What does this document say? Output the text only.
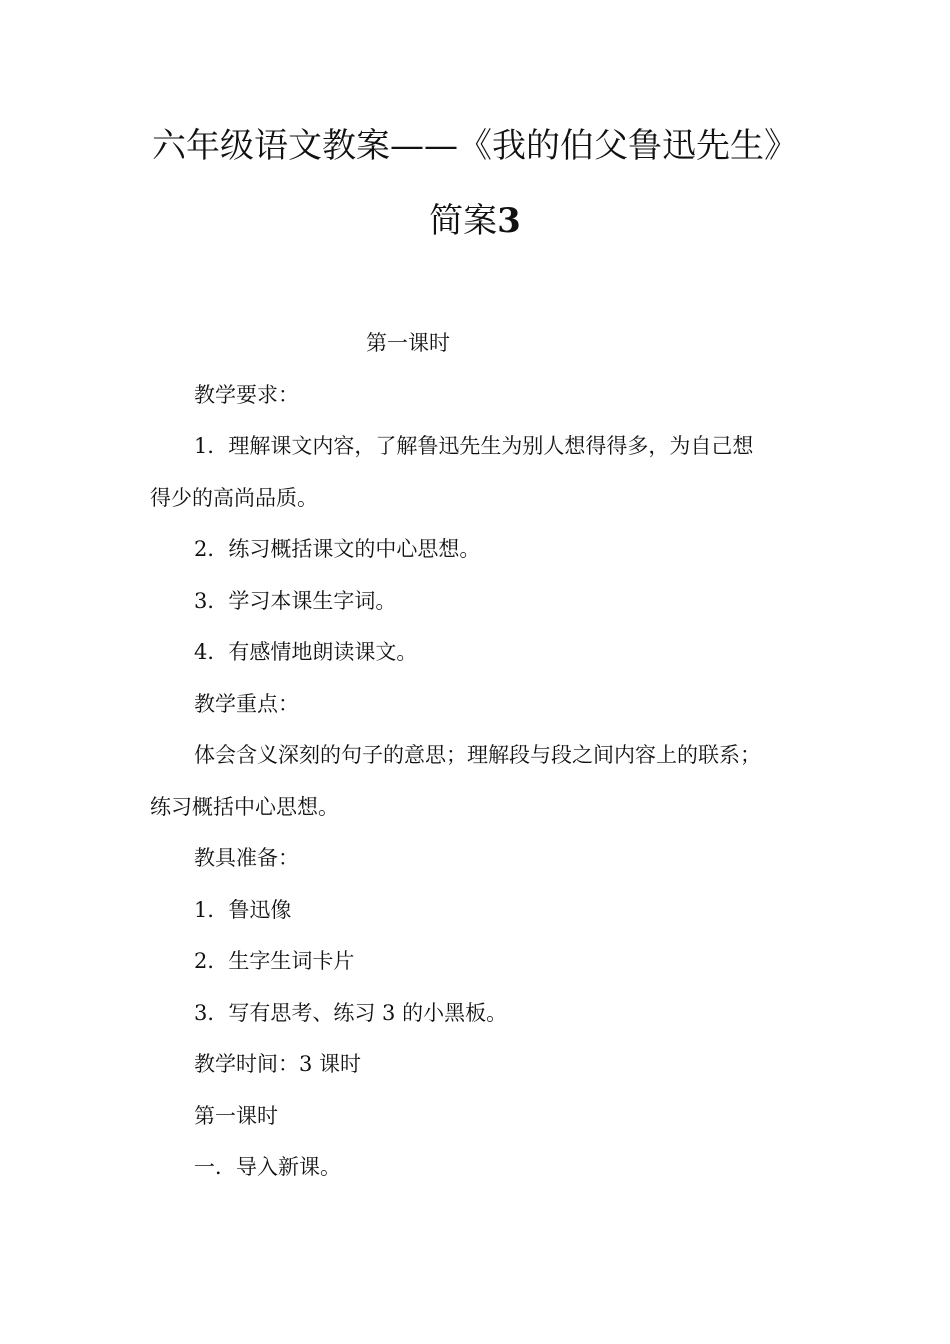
六年级语文教案——《我的伯父鲁迅先生》
简案3
第一课时
教学要求：
1．理解课文内容，了解鲁迅先生为别人想得得多，为自己想
得少的高尚品质。
2．练习概括课文的中心思想。
3．学习本课生字词。
4．有感情地朗读课文。
教学重点：
体会含义深刻的句子的意思；理解段与段之间内容上的联系；
练习概括中心思想。
教具准备：
1．鲁迅像
2．生字生词卡片
3．写有思考、练习 3 的小黑板。
教学时间：3 课时
第一课时
一．导入新课。
